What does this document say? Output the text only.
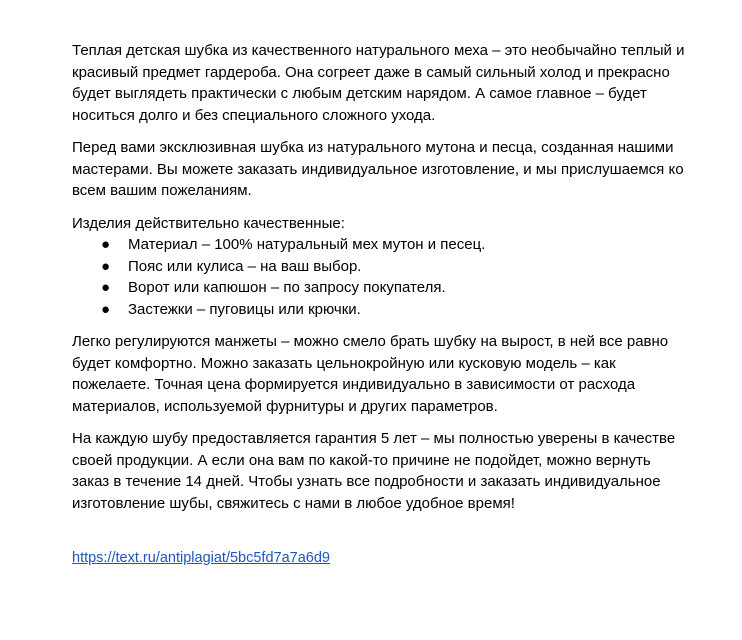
Теплая детская шубка из качественного натурального меха – это необычайно теплый и красивый предмет гардероба. Она согреет даже в самый сильный холод и прекрасно будет выглядеть практически с любым детским нарядом. А самое главное – будет носиться долго и без специального сложного ухода.

Перед вами эксклюзивная шубка из натурального мутона и песца, созданная нашими мастерами. Вы можете заказать индивидуальное изготовление, и мы прислушаемся ко всем вашим пожеланиям.

Изделия действительно качественные:

● Материал – 100% натуральный мех мутон и песец.
● Пояс или кулиса – на ваш выбор.
● Ворот или капюшон – по запросу покупателя.
● Застежки – пуговицы или крючки.

Легко регулируются манжеты – можно смело брать шубку на вырост, в ней все равно будет комфортно. Можно заказать цельнокройную или кусковую модель – как пожелаете. Точная цена формируется индивидуально в зависимости от расхода материалов, используемой фурнитуры и других параметров.

На каждую шубу предоставляется гарантия 5 лет – мы полностью уверены в качестве своей продукции. А если она вам по какой-то причине не подойдет, можно вернуть заказ в течение 14 дней. Чтобы узнать все подробности и заказать индивидуальное изготовление шубы, свяжитесь с нами в любое удобное время!

https://text.ru/antiplagiat/5bc5fd7a7a6d9
